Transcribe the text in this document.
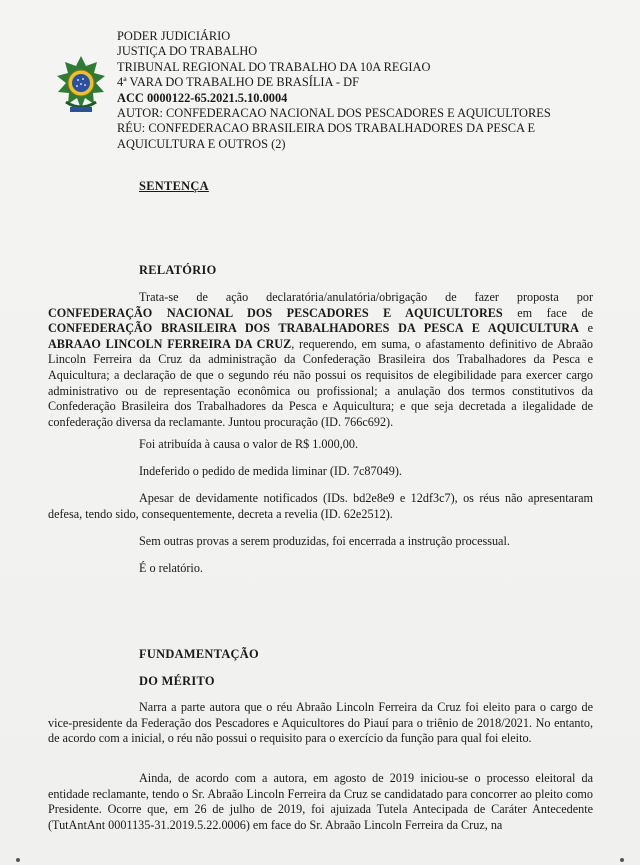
PODER JUDICIÁRIO
JUSTIÇA DO TRABALHO
TRIBUNAL REGIONAL DO TRABALHO DA 10A REGIAO
4ª VARA DO TRABALHO DE BRASÍLIA - DF
ACC 0000122-65.2021.5.10.0004
AUTOR: CONFEDERACAO NACIONAL DOS PESCADORES E AQUICULTORES
RÉU: CONFEDERACAO BRASILEIRA DOS TRABALHADORES DA PESCA E AQUICULTURA E OUTROS (2)
SENTENÇA
RELATÓRIO
Trata-se de ação declaratória/anulatória/obrigação de fazer proposta por CONFEDERAÇÃO NACIONAL DOS PESCADORES E AQUICULTORES em face de CONFEDERAÇÃO BRASILEIRA DOS TRABALHADORES DA PESCA E AQUICULTURA e ABRAAO LINCOLN FERREIRA DA CRUZ, requerendo, em suma, o afastamento definitivo de Abraão Lincoln Ferreira da Cruz da administração da Confederação Brasileira dos Trabalhadores da Pesca e Aquicultura; a declaração de que o segundo réu não possui os requisitos de elegibilidade para exercer cargo administrativo ou de representação econômica ou profissional; a anulação dos termos constitutivos da Confederação Brasileira dos Trabalhadores da Pesca e Aquicultura; e que seja decretada a ilegalidade de confederação diversa da reclamante. Juntou procuração (ID. 766c692).
Foi atribuída à causa o valor de R$ 1.000,00.
Indeferido o pedido de medida liminar (ID. 7c87049).
Apesar de devidamente notificados (IDs. bd2e8e9 e 12df3c7), os réus não apresentaram defesa, tendo sido, consequentemente, decreta a revelia (ID. 62e2512).
Sem outras provas a serem produzidas, foi encerrada a instrução processual.
É o relatório.
FUNDAMENTAÇÃO
DO MÉRITO
Narra a parte autora que o réu Abraão Lincoln Ferreira da Cruz foi eleito para o cargo de vice-presidente da Federação dos Pescadores e Aquicultores do Piauí para o triênio de 2018/2021. No entanto, de acordo com a inicial, o réu não possui o requisito para o exercício da função para qual foi eleito.
Ainda, de acordo com a autora, em agosto de 2019 iniciou-se o processo eleitoral da entidade reclamante, tendo o Sr. Abraão Lincoln Ferreira da Cruz se candidatado para concorrer ao pleito como Presidente. Ocorre que, em 26 de julho de 2019, foi ajuizada Tutela Antecipada de Caráter Antecedente (TutAntAnt 0001135-31.2019.5.22.0006) em face do Sr. Abraão Lincoln Ferreira da Cruz, na
